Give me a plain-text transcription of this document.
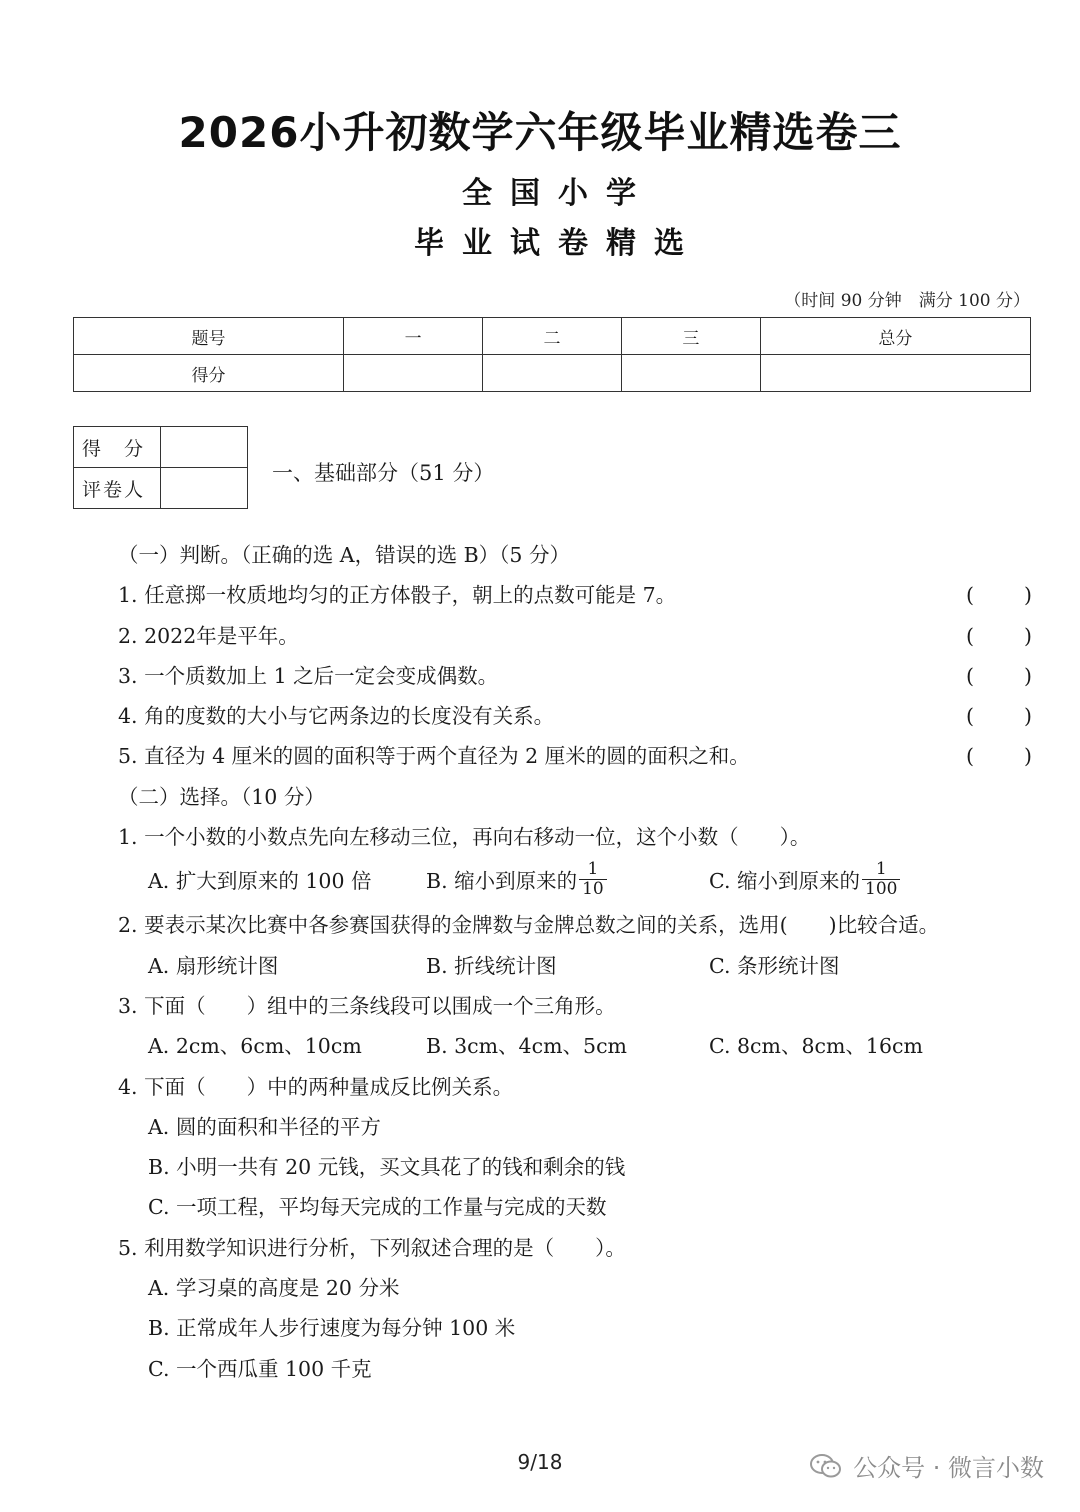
2026小升初数学六年级毕业精选卷三
全国小学
毕业试卷精选
（时间 90 分钟　满分 100 分）
题号	一	二	三	总分
得分				
得　分	
评卷人	
一、基础部分（51 分）
（一）判断。（正确的选 A，错误的选 B）（5 分）
1. 任意掷一枚质地均匀的正方体骰子，朝上的点数可能是 7。	( )
2. 2022年是平年。	( )
3. 一个质数加上 1 之后一定会变成偶数。	( )
4. 角的度数的大小与它两条边的长度没有关系。	( )
5. 直径为 4 厘米的圆的面积等于两个直径为 2 厘米的圆的面积之和。	( )
（二）选择。（10 分）
1. 一个小数的小数点先向左移动三位，再向右移动一位，这个小数（　　）。
A. 扩大到原来的 100 倍	B. 缩小到原来的 $\frac{1}{10}$	C. 缩小到原来的 $\frac{1}{100}$
2. 要表示某次比赛中各参赛国获得的金牌数与金牌总数之间的关系，选用(　　)比较合适。
A. 扇形统计图	B. 折线统计图	C. 条形统计图
3. 下面（　　）组中的三条线段可以围成一个三角形。
A. 2cm、6cm、10cm	B. 3cm、4cm、5cm	C. 8cm、8cm、16cm
4. 下面（　　）中的两种量成反比例关系。
A. 圆的面积和半径的平方
B. 小明一共有 20 元钱，买文具花了的钱和剩余的钱
C. 一项工程，平均每天完成的工作量与完成的天数
5. 利用数学知识进行分析，下列叙述合理的是（　　）。
A. 学习桌的高度是 20 分米
B. 正常成年人步行速度为每分钟 100 米
C. 一个西瓜重 100 千克
9/18	公众号 · 微言小数
